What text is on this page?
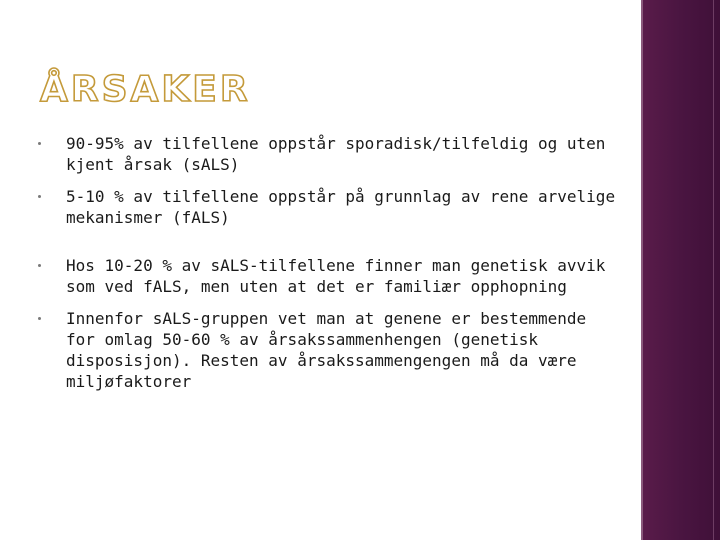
ÅRSAKER
90-95% av tilfellene oppstår sporadisk/tilfeldig og uten
kjent årsak (sALS)
5-10 % av tilfellene oppstår på grunnlag av rene arvelige
mekanismer (fALS)
Hos 10-20 % av sALS-tilfellene finner man genetisk avvik
som ved fALS, men uten at det er familiær opphopning
Innenfor sALS-gruppen vet man at genene er bestemmende
for omlag 50-60 % av årsakssammenhengen (genetisk
disposisjon). Resten av årsakssammengengen må da være
miljøfaktorer
